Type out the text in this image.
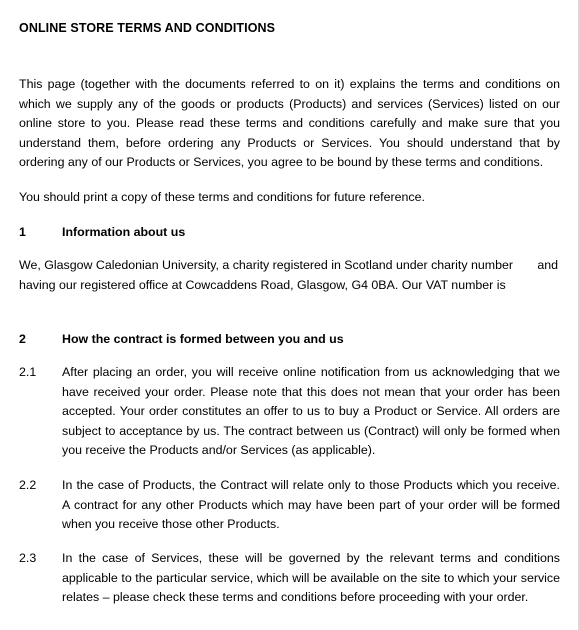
ONLINE STORE TERMS AND CONDITIONS
This page (together with the documents referred to on it) explains the terms and conditions on which we supply any of the goods or products (Products) and services (Services) listed on our online store to you. Please read these terms and conditions carefully and make sure that you understand them, before ordering any Products or Services. You should understand that by ordering any of our Products or Services, you agree to be bound by these terms and conditions.
You should print a copy of these terms and conditions for future reference.
1	Information about us
We, Glasgow Caledonian University, a charity registered in Scotland under charity number and
having our registered office at Cowcaddens Road, Glasgow, G4 0BA. Our VAT number is
2	How the contract is formed between you and us
2.1 After placing an order, you will receive online notification from us acknowledging that we have received your order. Please note that this does not mean that your order has been accepted. Your order constitutes an offer to us to buy a Product or Service. All orders are subject to acceptance by us. The contract between us (Contract) will only be formed when you receive the Products and/or Services (as applicable).
2.2 In the case of Products, the Contract will relate only to those Products which you receive. A contract for any other Products which may have been part of your order will be formed when you receive those other Products.
2.3 In the case of Services, these will be governed by the relevant terms and conditions applicable to the particular service, which will be available on the site to which your service relates – please check these terms and conditions before proceeding with your order.
